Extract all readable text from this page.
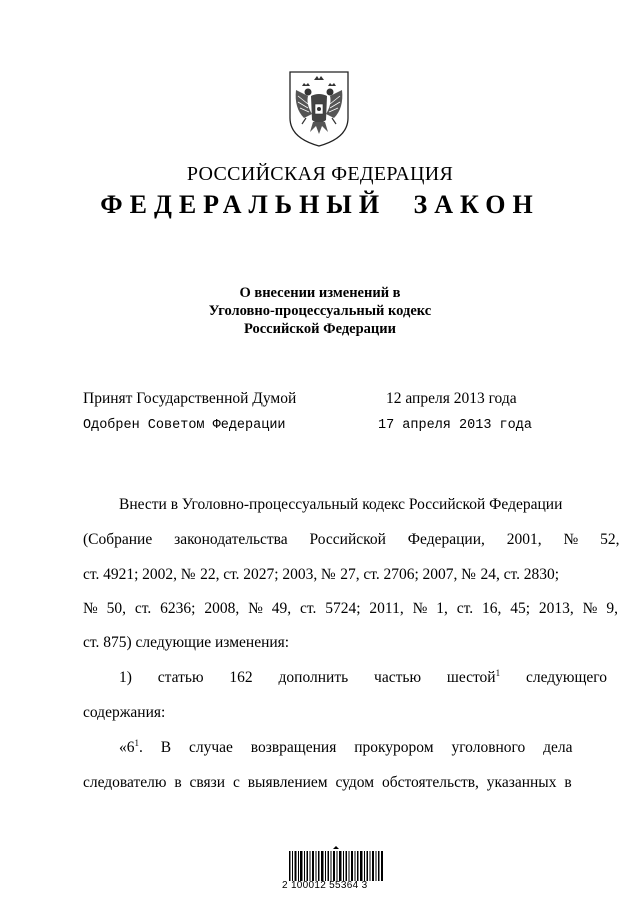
РОССИЙСКАЯ ФЕДЕРАЦИЯ
ФЕДЕРАЛЬНЫЙ ЗАКОН
О внесении изменений в
Уголовно-процессуальный кодекс
Российской Федерации
Принят Государственной Думой	12 апреля 2013 года
Одобрен Советом Федерации	17 апреля 2013 года
Внести в Уголовно-процессуальный кодекс Российской Федерации
(Собрание законодательства Российской Федерации, 2001, № 52,
ст. 4921; 2002, № 22, ст. 2027; 2003, № 27, ст. 2706; 2007, № 24, ст. 2830;
№ 50, ст. 6236; 2008, № 49, ст. 5724; 2011, № 1, ст. 16, 45; 2013, № 9,
ст. 875) следующие изменения:
1) статью 162 дополнить частью шестой$^1$ следующего
содержания:
«$6^1$. В случае возвращения прокурором уголовного дела
следователю в связи с выявлением судом обстоятельств, указанных в
2 100012 55364 3
